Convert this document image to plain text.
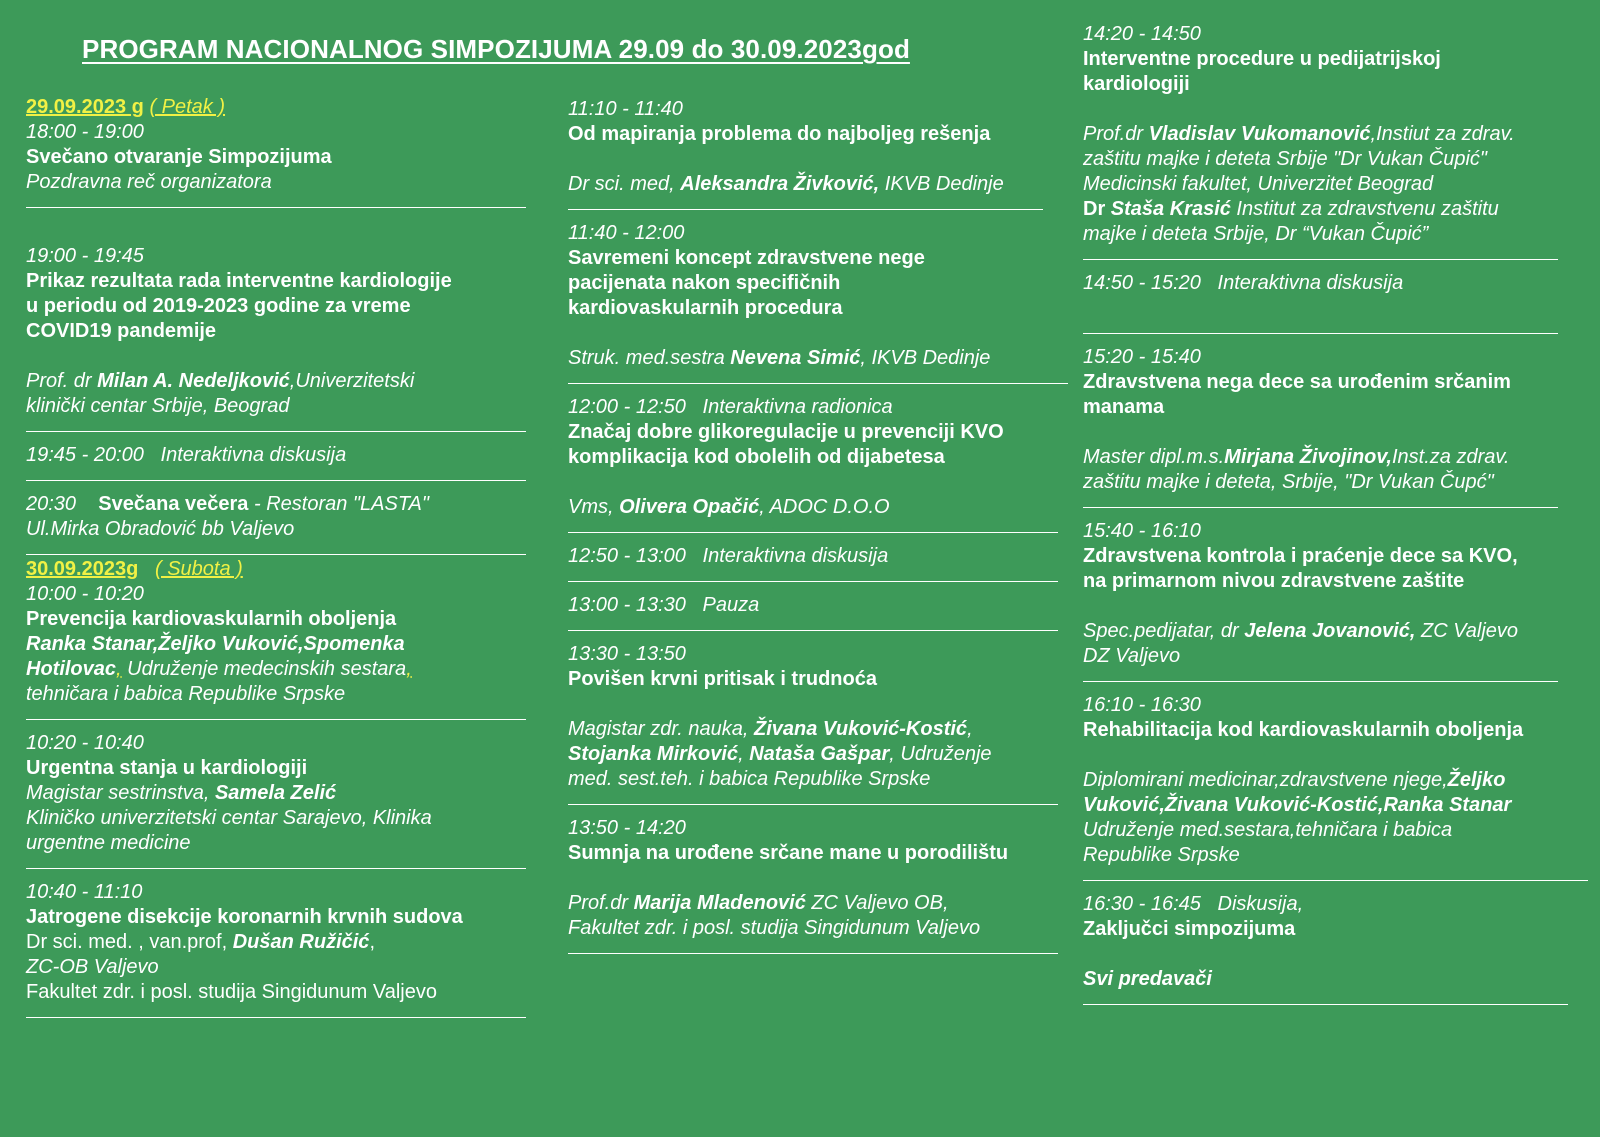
PROGRAM NACIONALNOG SIMPOZIJUMA 29.09 do 30.09.2023god
29.09.2023 g ( Petak )
18:00 - 19:00
Svečano otvaranje Simpozijuma
Pozdravna reč organizatora
19:00 - 19:45
Prikaz rezultata rada interventne kardiologije
u periodu od 2019-2023 godine za vreme
COVID19 pandemije
Prof. dr Milan A. Nedeljković,Univerzitetski
klinički centar Srbije, Beograd
19:45 - 20:00 Interaktivna diskusija
20:30 Svečana večera - Restoran "LASTA"
Ul.Mirka Obradović bb Valjevo
30.09.2023g ( Subota )
10:00 - 10:20
Prevencija kardiovaskularnih oboljenja
Ranka Stanar,Željko Vuković,Spomenka
Hotilovac, Udruženje medecinskih sestara,
tehničara i babica Republike Srpske
10:20 - 10:40
Urgentna stanja u kardiologiji
Magistar sestrinstva, Samela Zelić
Kliničko univerzitetski centar Sarajevo, Klinika
urgentne medicine
10:40 - 11:10
Jatrogene disekcije koronarnih krvnih sudova
Dr sci. med. , van.prof, Dušan Ružičić,
ZC-OB Valjevo
Fakultet zdr. i posl. studija Singidunum Valjevo
11:10 - 11:40
Od mapiranja problema do najboljeg rešenja
Dr sci. med, Aleksandra Živković, IKVB Dedinje
11:40 - 12:00
Savremeni koncept zdravstvene nege
pacijenata nakon specifičnih
kardiovaskularnih procedura
Struk. med.sestra Nevena Simić, IKVB Dedinje
12:00 - 12:50 Interaktivna radionica
Značaj dobre glikoregulacije u prevenciji KVO
komplikacija kod obolelih od dijabetesa
Vms, Olivera Opačić, ADOC D.O.O
12:50 - 13:00 Interaktivna diskusija
13:00 - 13:30 Pauza
13:30 - 13:50
Povišen krvni pritisak i trudnoća
Magistar zdr. nauka, Živana Vuković-Kostić,
Stojanka Mirković, Nataša Gašpar, Udruženje
med. sest.teh. i babica Republike Srpske
13:50 - 14:20
Sumnja na urođene srčane mane u porodilištu
Prof.dr Marija Mladenović ZC Valjevo OB,
Fakultet zdr. i posl. studija Singidunum Valjevo
14:20 - 14:50
Interventne procedure u pedijatrijskoj
kardiologiji
Prof.dr Vladislav Vukomanović,Instiut za zdrav.
zaštitu majke i deteta Srbije "Dr Vukan Čupić"
Medicinski fakultet, Univerzitet Beograd
Dr Staša Krasić Institut za zdravstvenu zaštitu
majke i deteta Srbije, Dr “Vukan Čupić”
14:50 - 15:20 Interaktivna diskusija
15:20 - 15:40
Zdravstvena nega dece sa urođenim srčanim
manama
Master dipl.m.s.Mirjana Živojinov,Inst.za zdrav.
zaštitu majke i deteta, Srbije, "Dr Vukan Čupć"
15:40 - 16:10
Zdravstvena kontrola i praćenje dece sa KVO,
na primarnom nivou zdravstvene zaštite
Spec.pedijatar, dr Jelena Jovanović, ZC Valjevo
DZ Valjevo
16:10 - 16:30
Rehabilitacija kod kardiovaskularnih oboljenja
Diplomirani medicinar,zdravstvene njege,Željko
Vuković,Živana Vuković-Kostić,Ranka Stanar
Udruženje med.sestara,tehničara i babica
Republike Srpske
16:30 - 16:45 Diskusija,
Zaključci simpozijuma
Svi predavači
